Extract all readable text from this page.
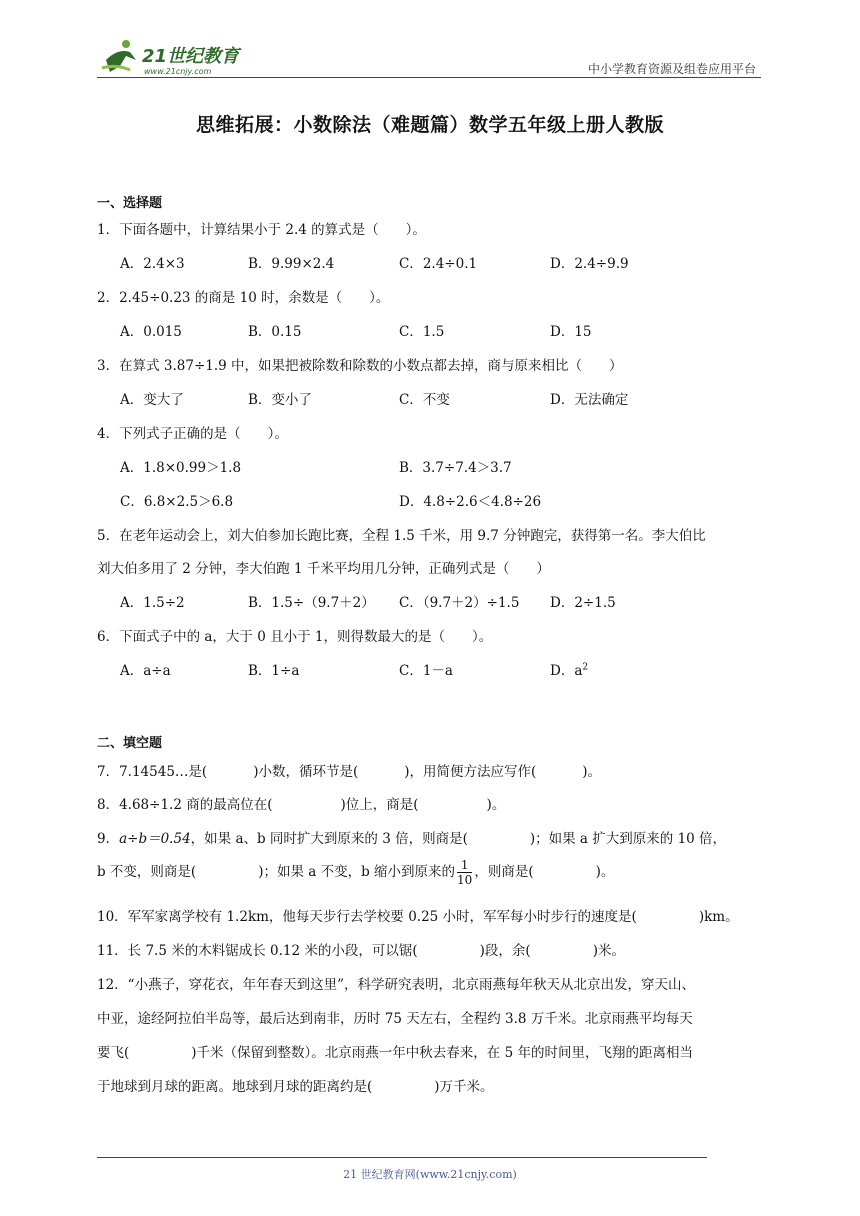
21世纪教育
www.21cnjy.com	中小学教育资源及组卷应用平台
思维拓展：小数除法（难题篇）数学五年级上册人教版
一、选择题
1．下面各题中，计算结果小于 2.4 的算式是（　　）。
A．2.4×3	B．9.99×2.4	C．2.4÷0.1	D．2.4÷9.9
2．2.45÷0.23 的商是 10 时，余数是（　　）。
A．0.015	B．0.15	C．1.5	D．15
3．在算式 3.87÷1.9 中，如果把被除数和除数的小数点都去掉，商与原来相比（　　）
A．变大了	B．变小了	C．不变	D．无法确定
4．下列式子正确的是（　　）。
A．1.8×0.99＞1.8	B．3.7÷7.4＞3.7
C．6.8×2.5＞6.8	D．4.8÷2.6＜4.8÷26
5．在老年运动会上，刘大伯参加长跑比赛，全程 1.5 千米，用 9.7 分钟跑完，获得第一名。李大伯比
刘大伯多用了 2 分钟，李大伯跑 1 千米平均用几分钟，正确列式是（　　）
A．1.5÷2	B．1.5÷（9.7＋2） C．（9.7＋2）÷1.5 D．2÷1.5
6．下面式子中的 a，大于 0 且小于 1，则得数最大的是（　　）。
A．a÷a	B．1÷a	C．1－a	D．$a^2$
二、填空题
7．7.14545…是(	)小数，循环节是(	)，用简便方法应写作(	)。
8．4.68÷1.2 商的最高位在(	)位上，商是(	)。
9．a÷b＝0.54，如果 a、b 同时扩大到原来的 3 倍，则商是(	)；如果 a 扩大到原来的 10 倍，
b 不变，则商是(	)；如果 a 不变，b 缩小到原来的 $\frac{1}{10}$ ，则商是(	)。
10．军军家离学校有 1.2km，他每天步行去学校要 0.25 小时，军军每小时步行的速度是(	)km。
11．长 7.5 米的木料锯成长 0.12 米的小段，可以锯(	)段，余(	)米。
12．“小燕子，穿花衣，年年春天到这里”，科学研究表明，北京雨燕每年秋天从北京出发，穿天山、
中亚，途经阿拉伯半岛等，最后达到南非，历时 75 天左右，全程约 3.8 万千米。北京雨燕平均每天
要飞(	)千米（保留到整数）。北京雨燕一年中秋去春来，在 5 年的时间里，飞翔的距离相当
于地球到月球的距离。地球到月球的距离约是(	)万千米。
21 世纪教育网(www.21cnjy.com)
